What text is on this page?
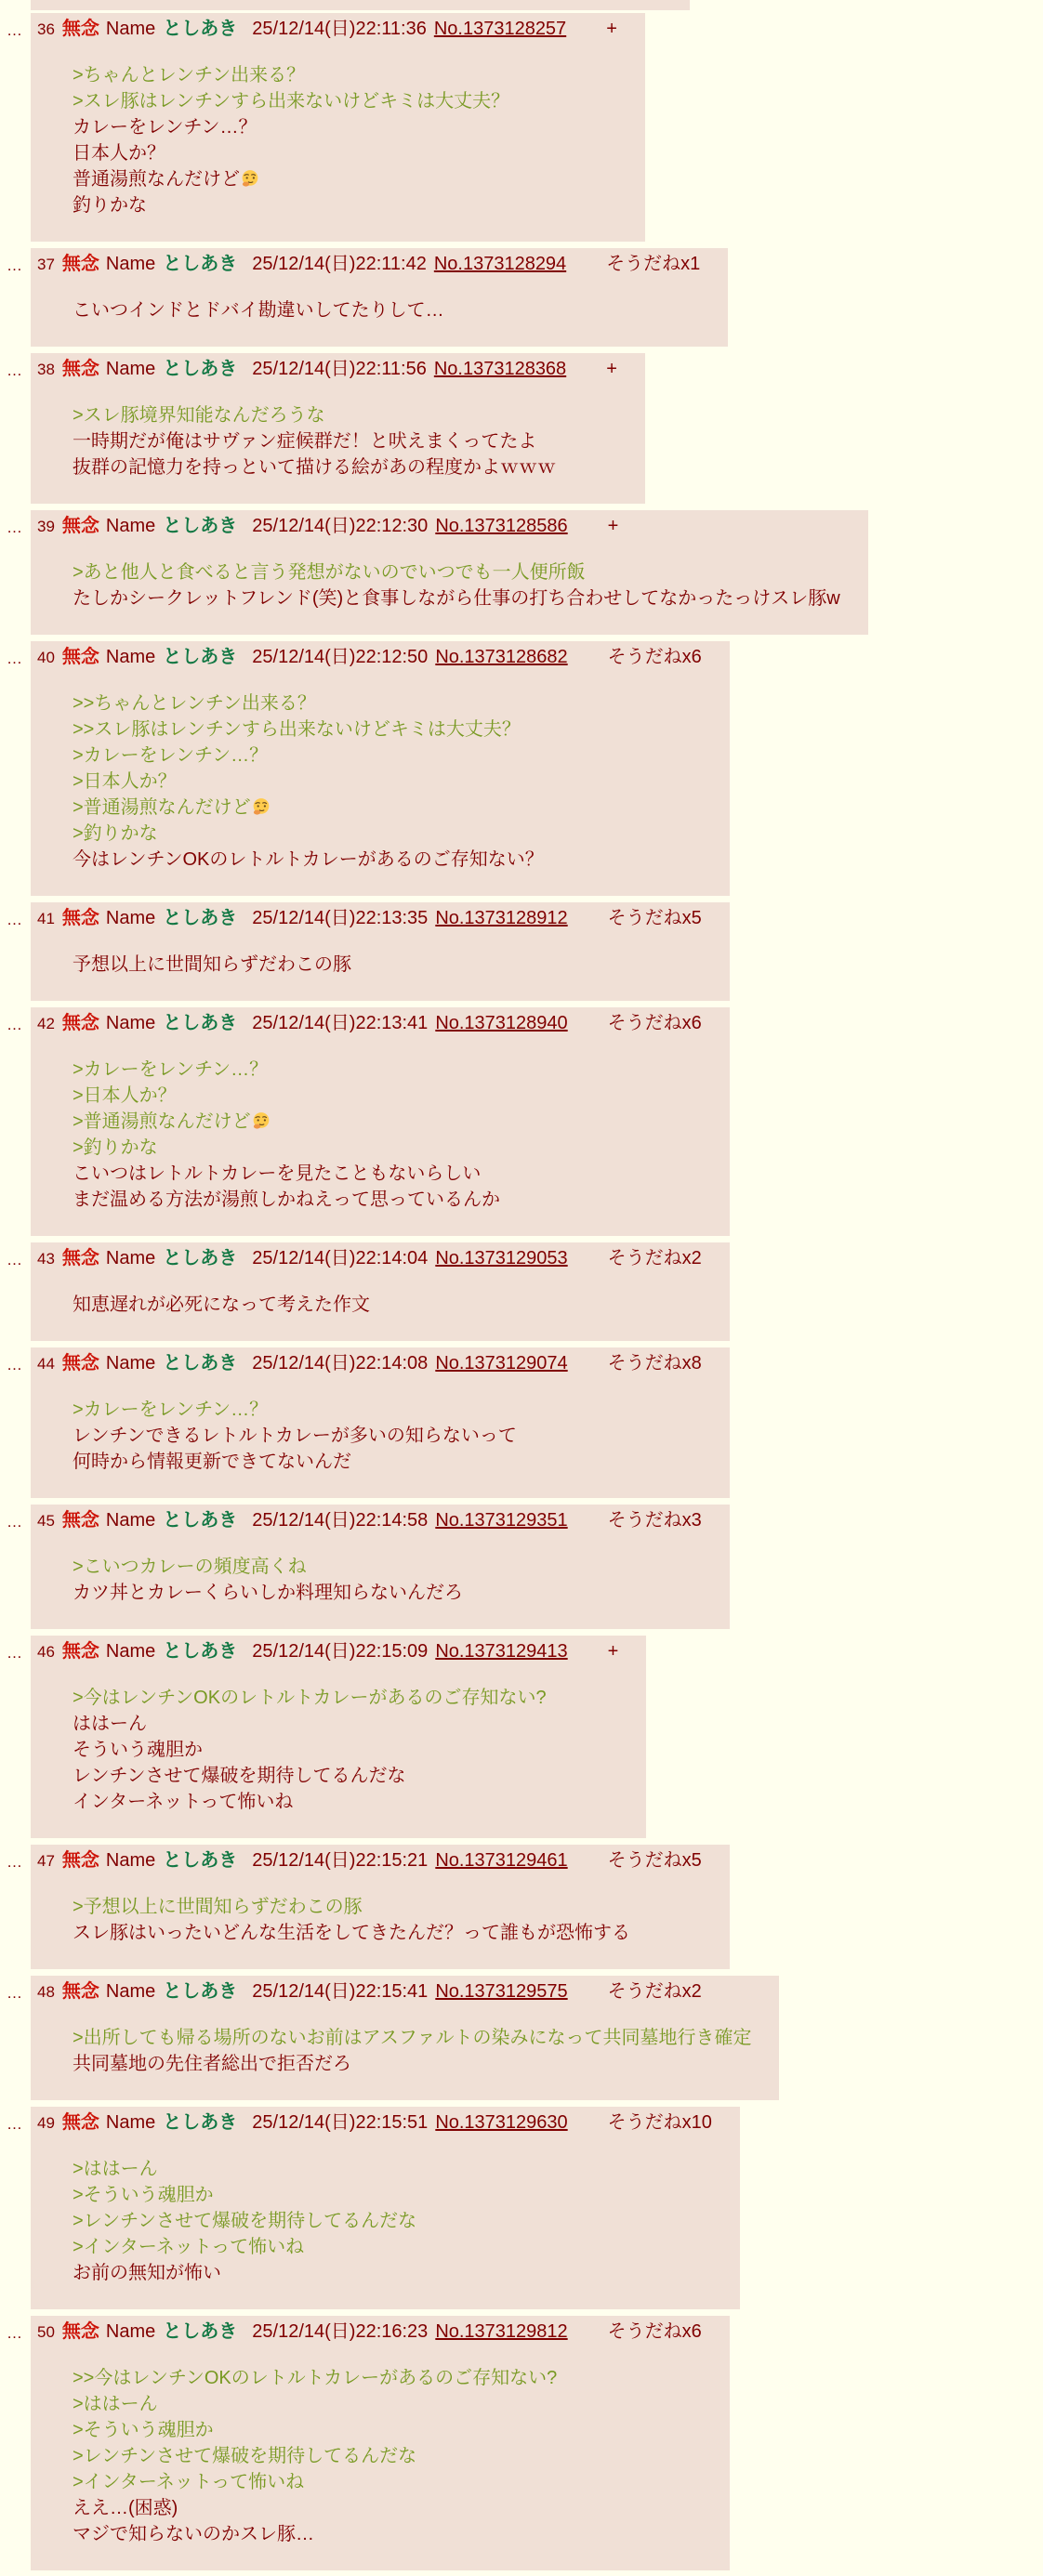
… 36 無念 Name としあき 25/12/14(日)22:11:36 No.1373128257 +
>ちゃんとレンチン出来る？
>スレ豚はレンチンすら出来ないけどキミは大丈夫？
カレーをレンチン…？
日本人か？
普通湯煎なんだけど
釣りかな
… 37 無念 Name としあき 25/12/14(日)22:11:42 No.1373128294 そうだねx1
こいつインドとドバイ勘違いしてたりして…
… 38 無念 Name としあき 25/12/14(日)22:11:56 No.1373128368 +
>スレ豚境界知能なんだろうな
一時期だが俺はサヴァン症候群だ！と吠えまくってたよ
抜群の記憶力を持っといて描ける絵があの程度かよｗｗｗ
… 39 無念 Name としあき 25/12/14(日)22:12:30 No.1373128586 +
>あと他人と食べると言う発想がないのでいつでも一人便所飯
たしかシークレットフレンド(笑)と食事しながら仕事の打ち合わせしてなかったっけスレ豚w
… 40 無念 Name としあき 25/12/14(日)22:12:50 No.1373128682 そうだねx6
>>ちゃんとレンチン出来る？
>>スレ豚はレンチンすら出来ないけどキミは大丈夫？
>カレーをレンチン…？
>日本人か？
>普通湯煎なんだけど
>釣りかな
今はレンチンOKのレトルトカレーがあるのご存知ない？
… 41 無念 Name としあき 25/12/14(日)22:13:35 No.1373128912 そうだねx5
予想以上に世間知らずだわこの豚
… 42 無念 Name としあき 25/12/14(日)22:13:41 No.1373128940 そうだねx6
>カレーをレンチン…？
>日本人か？
>普通湯煎なんだけど
>釣りかな
こいつはレトルトカレーを見たこともないらしい
まだ温める方法が湯煎しかねえって思っているんか
… 43 無念 Name としあき 25/12/14(日)22:14:04 No.1373129053 そうだねx2
知恵遅れが必死になって考えた作文
… 44 無念 Name としあき 25/12/14(日)22:14:08 No.1373129074 そうだねx8
>カレーをレンチン…？
レンチンできるレトルトカレーが多いの知らないって
何時から情報更新できてないんだ
… 45 無念 Name としあき 25/12/14(日)22:14:58 No.1373129351 そうだねx3
>こいつカレーの頻度高くね
カツ丼とカレーくらいしか料理知らないんだろ
… 46 無念 Name としあき 25/12/14(日)22:15:09 No.1373129413 +
>今はレンチンOKのレトルトカレーがあるのご存知ない?
ははーん
そういう魂胆か
レンチンさせて爆破を期待してるんだな
インターネットって怖いね
… 47 無念 Name としあき 25/12/14(日)22:15:21 No.1373129461 そうだねx5
>予想以上に世間知らずだわこの豚
スレ豚はいったいどんな生活をしてきたんだ？って誰もが恐怖する
… 48 無念 Name としあき 25/12/14(日)22:15:41 No.1373129575 そうだねx2
>出所しても帰る場所のないお前はアスファルトの染みになって共同墓地行き確定
共同墓地の先住者総出で拒否だろ
… 49 無念 Name としあき 25/12/14(日)22:15:51 No.1373129630 そうだねx10
>ははーん
>そういう魂胆か
>レンチンさせて爆破を期待してるんだな
>インターネットって怖いね
お前の無知が怖い
… 50 無念 Name としあき 25/12/14(日)22:16:23 No.1373129812 そうだねx6
>>今はレンチンOKのレトルトカレーがあるのご存知ない?
>ははーん
>そういう魂胆か
>レンチンさせて爆破を期待してるんだな
>インターネットって怖いね
ええ…(困惑)
マジで知らないのかスレ豚…
